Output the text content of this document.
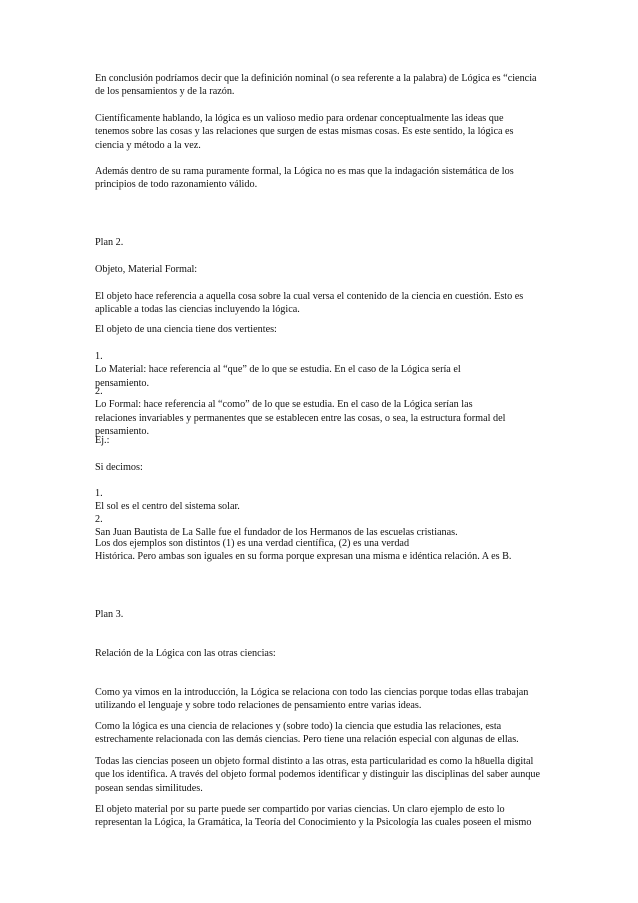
En conclusión podríamos decir que la definición nominal (o sea referente a la palabra) de Lógica es “ciencia
de los pensamientos y de la razón.

Científicamente hablando, la lógica es un valioso medio para ordenar conceptualmente las ideas que
tenemos sobre las cosas y las relaciones que surgen de estas mismas cosas. Es este sentido, la lógica es
ciencia y método a la vez.

Además dentro de su rama puramente formal, la Lógica no es mas que la indagación sistemática de los
principios de todo razonamiento válido.

Plan 2.

Objeto, Material Formal:

El objeto hace referencia a aquella cosa sobre la cual versa el contenido de la ciencia en cuestión. Esto es
aplicable a todas las ciencias incluyendo la lógica.

El objeto de una ciencia tiene dos vertientes:

1.
Lo Material: hace referencia al “que” de lo que se estudia. En el caso de la Lógica sería el
pensamiento.

2.
Lo Formal: hace referencia al “como” de lo que se estudia. En el caso de la Lógica serían las
relaciones invariables y permanentes que se establecen entre las cosas, o sea, la estructura formal del
pensamiento.

Ej.:

Si decimos:

1.
El sol es el centro del sistema solar.

2.
San Juan Bautista de La Salle fue el fundador de los Hermanos de las escuelas cristianas.

Los dos ejemplos son distintos (1) es una verdad científica, (2) es una verdad
Histórica. Pero ambas son iguales en su forma porque expresan una misma e idéntica relación. A es B.

Plan 3.

Relación de la Lógica con las otras ciencias:

Como ya vimos en la introducción, la Lógica se relaciona con todo las ciencias porque todas ellas trabajan
utilizando el lenguaje y sobre todo relaciones de pensamiento entre varias ideas.

Como la lógica es una ciencia de relaciones y (sobre todo) la ciencia que estudia las relaciones, esta
estrechamente relacionada con las demás ciencias. Pero tiene una relación especial con algunas de ellas.

Todas las ciencias poseen un objeto formal distinto a las otras, esta particularidad es como la h8uella digital
que los identifica. A través del objeto formal podemos identificar y distinguir las disciplinas del saber aunque
posean sendas similitudes.

El objeto material por su parte puede ser compartido por varias ciencias. Un claro ejemplo de esto lo
representan la Lógica, la Gramática, la Teoría del Conocimiento y la Psicología las cuales poseen el mismo
